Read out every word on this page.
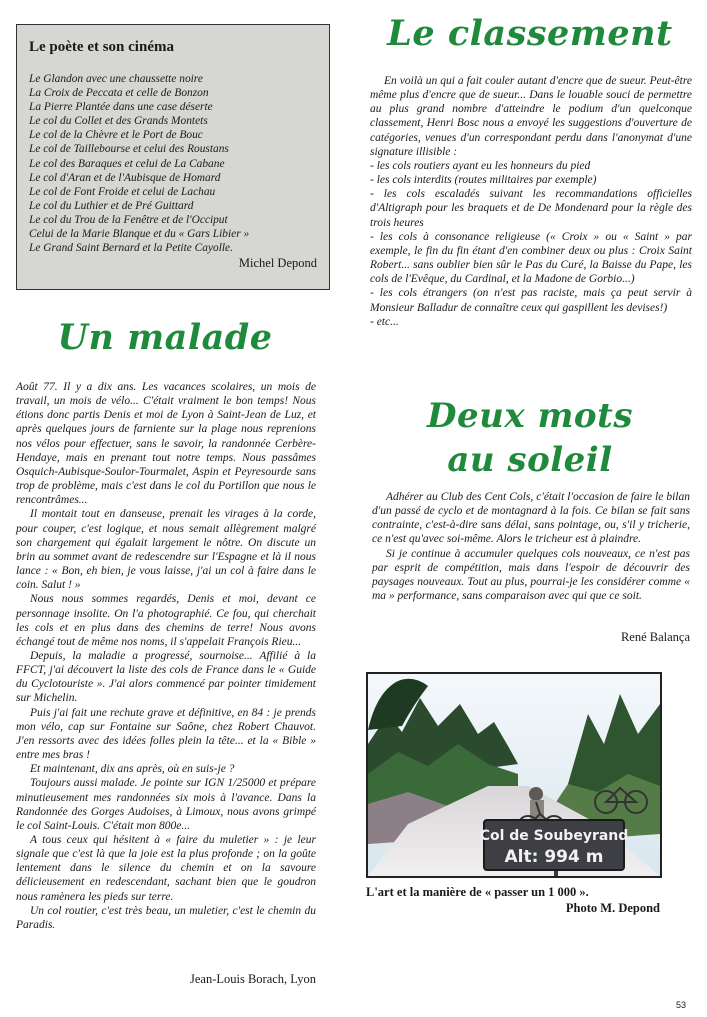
Le poète et son cinéma
Le Glandon avec une chaussette noire
La Croix de Peccata et celle de Bonzon
La Pierre Plantée dans une case déserte
Le col du Collet et des Grands Montets
Le col de la Chèvre et le Port de Bouc
Le col de Taillebourse et celui des Roustans
Le col des Baraques et celui de La Cabane
Le col d'Aran et de l'Aubisque de Homard
Le col de Font Froide et celui de Lachau
Le col du Luthier et de Pré Guittard
Le col du Trou de la Fenêtre et de l'Occiput
Celui de la Marie Blanque et du « Gars Libier »
Le Grand Saint Bernard et la Petite Cayolle.
Michel Depond
Le classement

En voilà un qui a fait couler autant d'encre que de sueur. Peut-être même plus d'encre que de sueur... Dans le louable souci de permettre au plus grand nombre d'atteindre le podium d'un quelconque classement, Henri Bosc nous a envoyé les suggestions d'ouverture de catégories, venues d'un correspondant perdu dans l'anonymat d'une signature illisible :

- les cols routiers ayant eu les honneurs du pied

- les cols interdits (routes militaires par exemple)

- les cols escaladés suivant les recommandations officielles d'Altigraph pour les braquets et de De Mondenard pour la règle des trois heures

- les cols à consonance religieuse (« Croix » ou « Saint » par exemple, le fin du fin étant d'en combiner deux ou plus : Croix Saint Robert... sans oublier bien sûr le Pas du Curé, la Baisse du Pape, les cols de l'Evêque, du Cardinal, et la Madone de Gorbio...)

- les cols étrangers (on n'est pas raciste, mais ça peut servir à Monsieur Balladur de connaître ceux qui gaspillent les devises!)

- etc...

Un malade

Août 77. Il y a dix ans. Les vacances scolaires, un mois de travail, un mois de vélo... C'était vraiment le bon temps! Nous étions donc partis Denis et moi de Lyon à Saint-Jean de Luz, et après quelques jours de farniente sur la plage nous reprenions nos vélos pour effectuer, sans le savoir, la randonnée Cerbère-Hendaye, mais en prenant tout notre temps. Nous passâmes Osquich-Aubisque-Soulor-Tourmalet, Aspin et Peyresourde sans trop de problème, mais c'est dans le col du Portillon que nous le rencontrâmes...

Il montait tout en danseuse, prenait les virages à la corde, pour couper, c'est logique, et nous semait allègrement malgré son chargement qui égalait largement le nôtre. On discute un brin au sommet avant de redescendre sur l'Espagne et là il nous lance : « Bon, eh bien, je vous laisse, j'ai un col à faire dans le coin. Salut ! »

Nous nous sommes regardés, Denis et moi, devant ce personnage insolite. On l'a photographié. Ce fou, qui cherchait les cols et en plus dans des chemins de terre! Nous avons échangé tout de même nos noms, il s'appelait François Rieu...

Depuis, la maladie a progressé, sournoise... Affilié à la FFCT, j'ai découvert la liste des cols de France dans le « Guide du Cyclotouriste ». J'ai alors commencé par pointer timidement sur Michelin.

Puis j'ai fait une rechute grave et définitive, en 84 : je prends mon vélo, cap sur Fontaine sur Saône, chez Robert Chauvot. J'en ressorts avec des idées folles plein la tête... et la « Bible » entre mes bras !

Et maintenant, dix ans après, où en suis-je ?

Toujours aussi malade. Je pointe sur IGN 1/25000 et prépare minutieusement mes randonnées six mois à l'avance. Dans la Randonnée des Gorges Audoises, à Limoux, nous avons grimpé le col Saint-Louis. C'était mon 800e...

A tous ceux qui hésitent à « faire du muletier » : je leur signale que c'est là que la joie est la plus profonde ; on la goûte lentement dans le silence du chemin et on la savoure délicieusement en redescendant, sachant bien que le goudron nous ramènera les pieds sur terre.

Un col routier, c'est très beau, un muletier, c'est le chemin du Paradis.

Jean-Louis Borach, Lyon
Deux mots
au soleil

Adhérer au Club des Cent Cols, c'était l'occasion de faire le bilan d'un passé de cyclo et de montagnard à la fois. Ce bilan se fait sans contrainte, c'est-à-dire sans délai, sans pointage, ou, s'il y tricherie, ce n'est qu'avec soi-même. Alors le tricheur est à plaindre.

Si je continue à accumuler quelques cols nouveaux, ce n'est pas par esprit de compétition, mais dans l'espoir de découvrir des paysages nouveaux. Tout au plus, pourrai-je les considérer comme « ma » performance, sans comparaison avec qui que ce soit.

René Balança
Col de Soubeyrand
Alt: 994 m
L'art et la manière de « passer un 1 000 ».
Photo M. Depond
53
